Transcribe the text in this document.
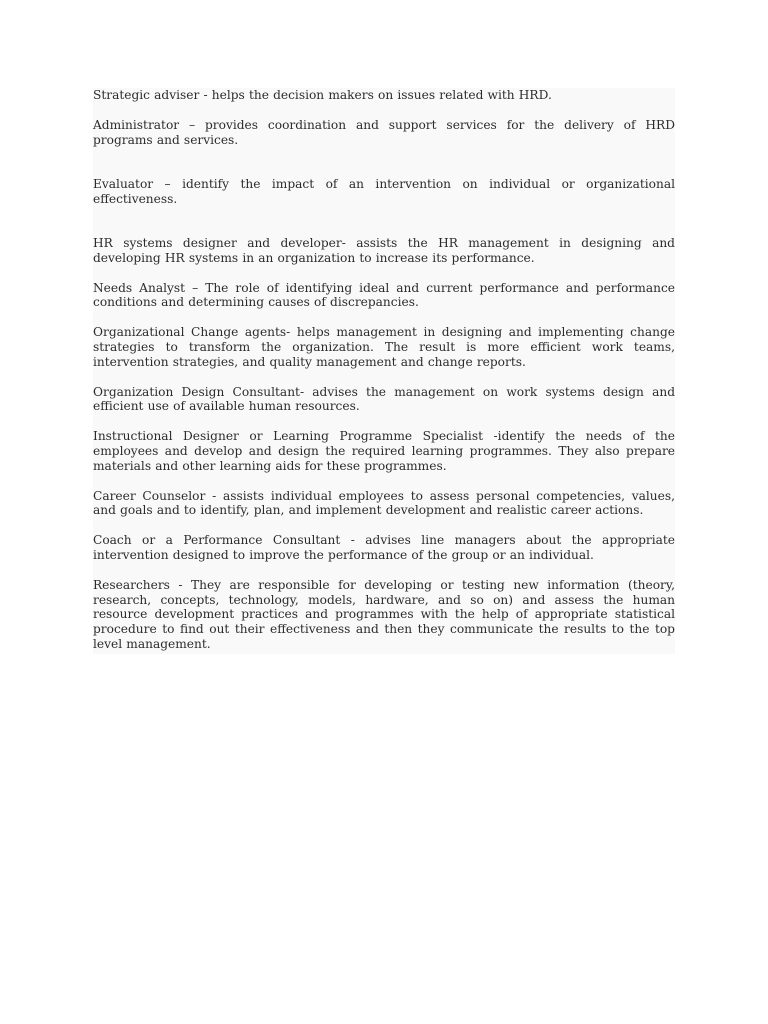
Strategic adviser - helps the decision makers on issues related with HRD.

Administrator – provides coordination and support services for the delivery of HRD programs and services.

Evaluator – identify the impact of an intervention on individual or organizational effectiveness.

HR systems designer and developer- assists the HR management in designing and developing HR systems in an organization to increase its performance.

Needs Analyst – The role of identifying ideal and current performance and performance conditions and determining causes of discrepancies.

Organizational Change agents- helps management in designing and implementing change strategies to transform the organization. The result is more efficient work teams, intervention strategies, and quality management and change reports.

Organization Design Consultant- advises the management on work systems design and efficient use of available human resources.

Instructional Designer or Learning Programme Specialist -identify the needs of the employees and develop and design the required learning programmes. They also prepare materials and other learning aids for these programmes.

Career Counselor - assists individual employees to assess personal competencies, values, and goals and to identify, plan, and implement development and realistic career actions.

Coach or a Performance Consultant - advises line managers about the appropriate intervention designed to improve the performance of the group or an individual.

Researchers - They are responsible for developing or testing new information (theory, research, concepts, technology, models, hardware, and so on) and assess the human resource development practices and programmes with the help of appropriate statistical procedure to find out their effectiveness and then they communicate the results to the top level management.
